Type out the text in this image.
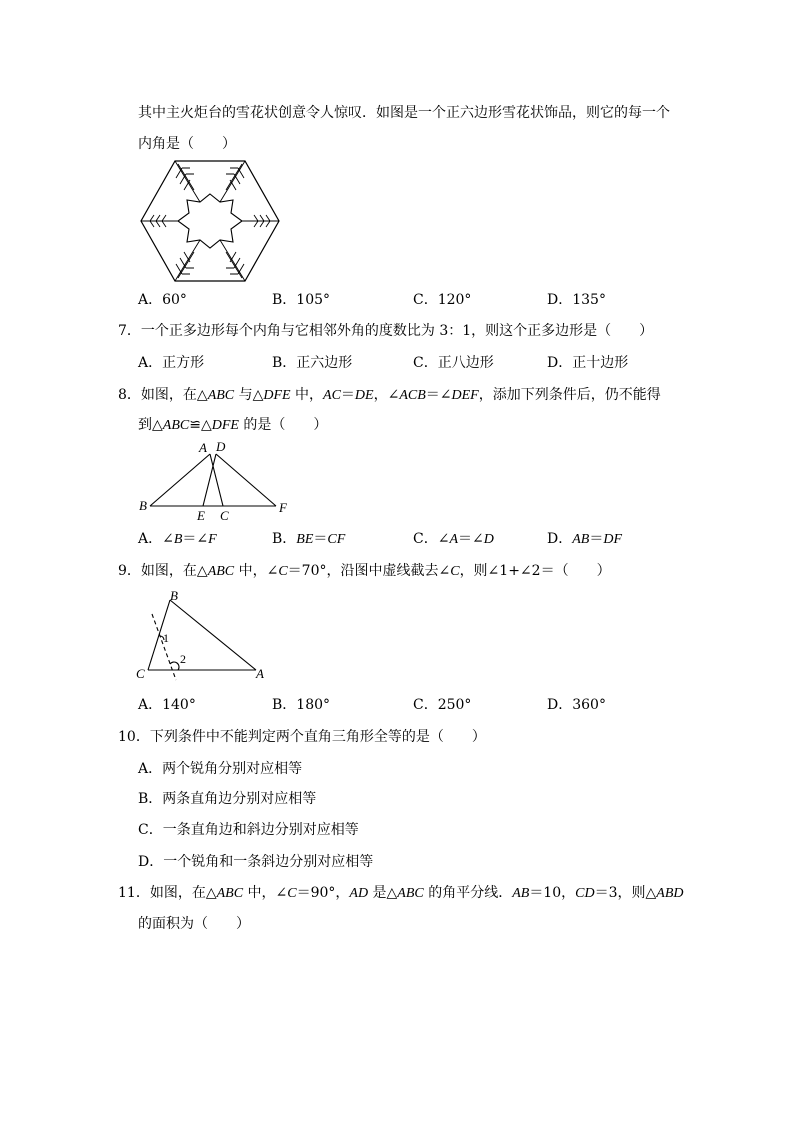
其中主火炬台的雪花状创意令人惊叹．如图是一个正六边形雪花状饰品，则它的每一个
内角是（　　）
A．60°	B．105°	C．120°	D．135°
7．一个正多边形每个内角与它相邻外角的度数比为 3：1，则这个正多边形是（　　）
A．正方形	B．正六边形	C．正八边形	D．正十边形
8．如图，在△ABC 与△DFE 中，AC＝DE，∠ACB＝∠DEF，添加下列条件后，仍不能得
到△ABC≌△DFE 的是（　　）
A D
B
E C
F
A．∠B＝∠F	B．BE＝CF	C．∠A＝∠D	D．AB＝DF
9．如图，在△ABC 中，∠C＝70°，沿图中虚线截去∠C，则∠1+∠2＝（　　）
B
C	A
1
2
A．140°	B．180°	C．250°	D．360°
10．下列条件中不能判定两个直角三角形全等的是（　　）
A．两个锐角分别对应相等
B．两条直角边分别对应相等
C．一条直角边和斜边分别对应相等
D．一个锐角和一条斜边分别对应相等
11．如图，在△ABC 中，∠C＝90°，AD 是△ABC 的角平分线．AB＝10，CD＝3，则△ABD
的面积为（　　）
